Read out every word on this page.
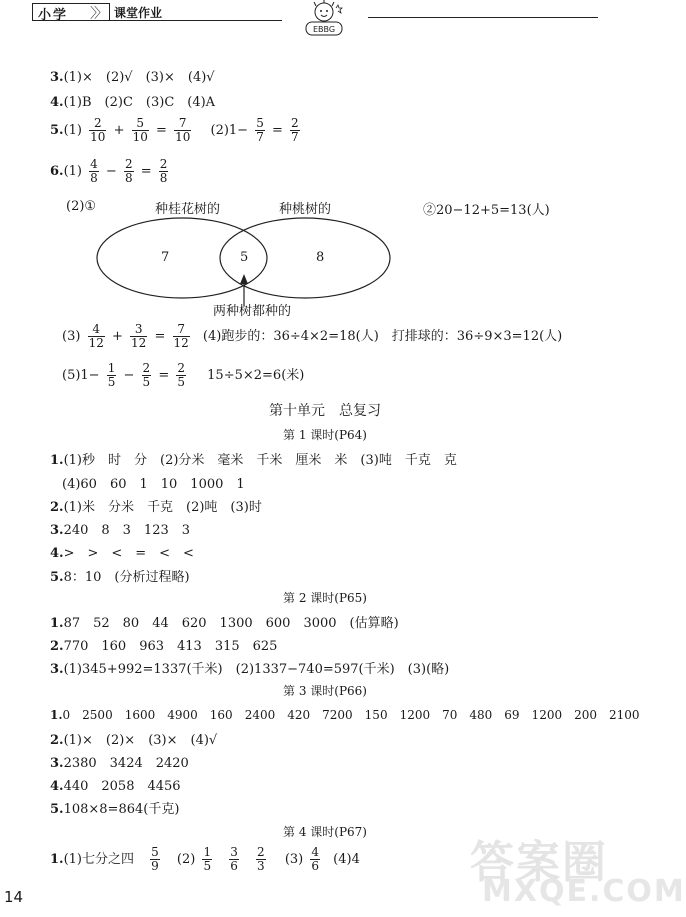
小学 〉〉 课堂作业
EBBG
3.(1)×　(2)√　(3)×　(4)√
4.(1)B　(2)C　(3)C　(4)A
$5.(1) \frac{2}{10} + \frac{5}{10} = \frac{7}{10} (2)1- \frac{5}{7} = \frac{2}{7}$
$6.(1) \frac{4}{8} - \frac{2}{8} = \frac{2}{8}$
(2)①	种桂花树的	种桃树的	②20−12+5=13(人)
7	5	8
两种树都种的
$(3) \frac{4}{12} + \frac{3}{12} = \frac{7}{12} (4)$跑步的：36÷4×2=18(人)　打排球的：36÷9×3=12(人)
$(5)1- \frac{1}{5} - \frac{2}{5} = \frac{2}{5} 15\div 5\times 2=6$(米)
第十单元　总复习
第 1 课时(P64)
1.(1)秒　时　分　(2)分米　毫米　千米　厘米　米　(3)吨　千克　克
(4)60　60　1　10　1000　1
2.(1)米　分米　千克　(2)吨　(3)时
3.240　8　3　123　3
4.>　>　<　=　<　<
5.8：10　(分析过程略)
第 2 课时(P65)
1.87　52　80　44　620　1300　600　3000　(估算略)
2.770　160　963　413　315　625
3.(1)345+992=1337(千米)　(2)1337−740=597(千米)　(3)(略)
第 3 课时(P66)
1.0　2500　1600　4900　160　2400　420　7200　150　1200　70　480　69　1200　200　2100
2.(1)×　(2)×　(3)×　(4)√
3.2380　3424　2420
4.440　2058　4456
5.108×8=864(千克)
第 4 课时(P67)
1.(1)七分之四 $\frac{5}{9} (2) \frac{1}{5}$
$\frac{3}{6}$
$\frac{2}{3} (3) \frac{4}{6} (4)4$	答案圈
MXQE.COM
14
